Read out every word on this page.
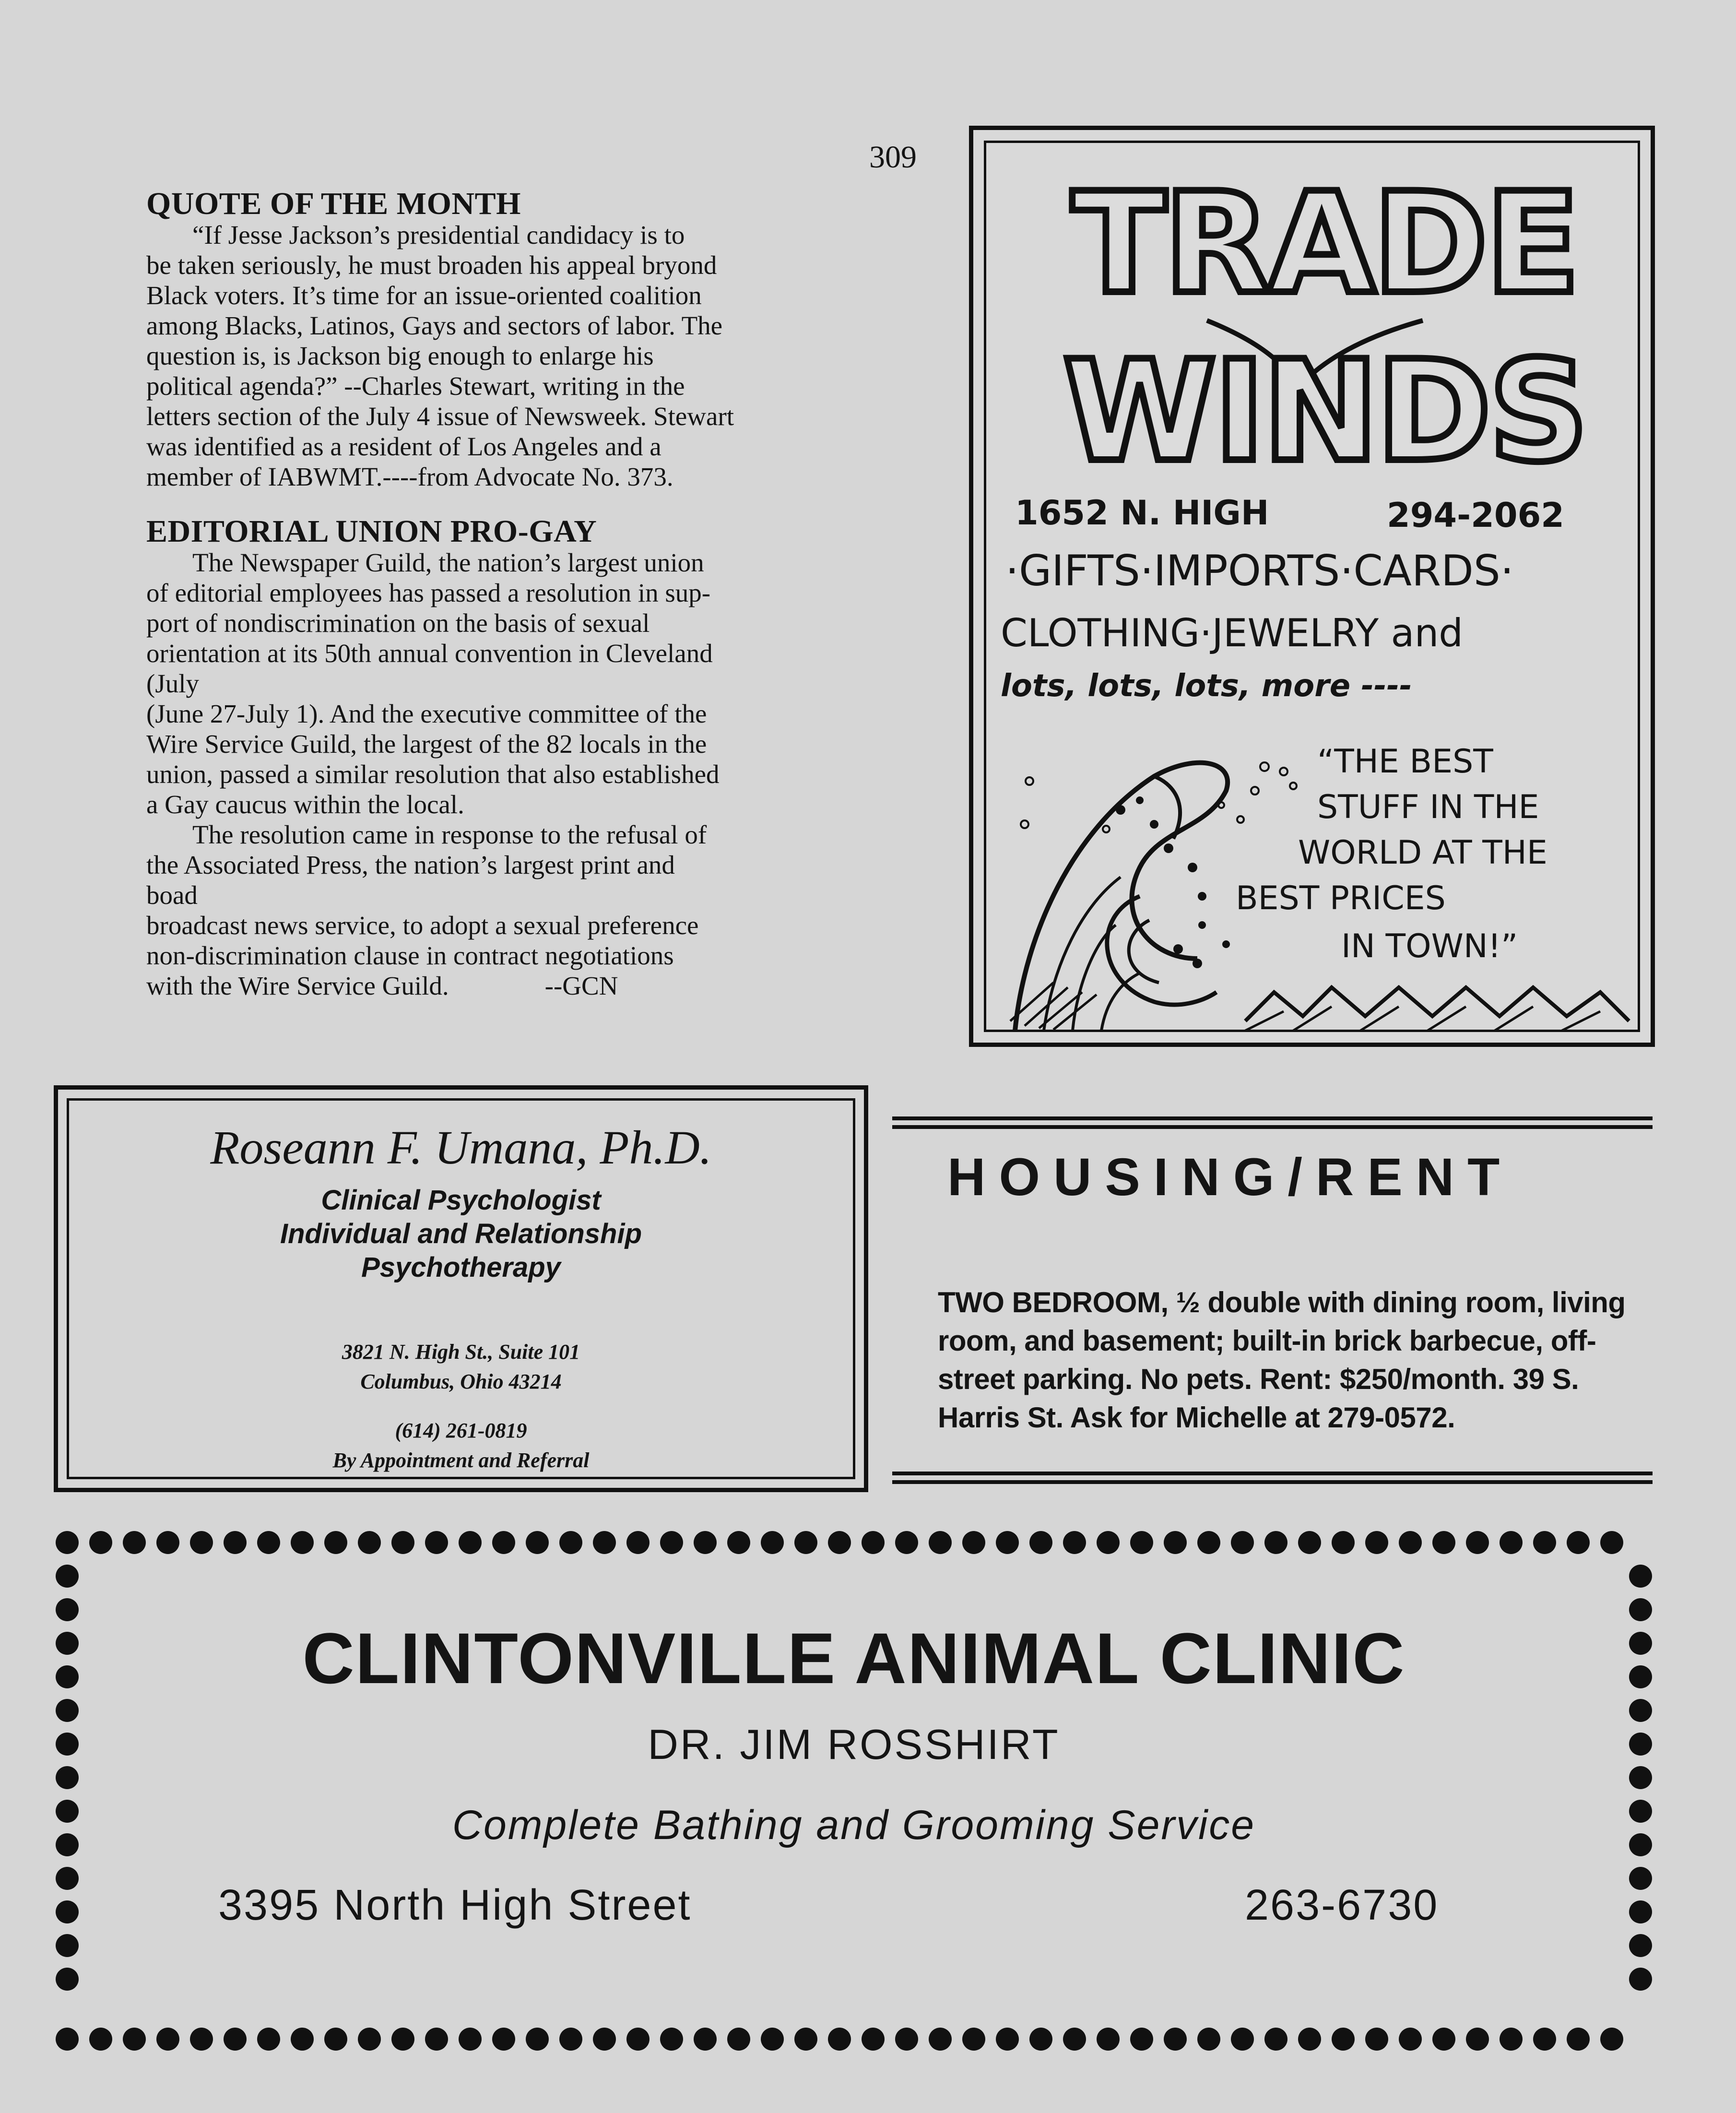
309
QUOTE OF THE MONTH

“If Jesse Jackson’s presidential candidacy is to
be taken seriously, he must broaden his appeal bryond
Black voters. It’s time for an issue-oriented coalition
among Blacks, Latinos, Gays and sectors of labor. The
question is, is Jackson big enough to enlarge his
political agenda?” --Charles Stewart, writing in the
letters section of the July 4 issue of Newsweek. Stewart
was identified as a resident of Los Angeles and a
member of IABWMT.----from Advocate No. 373.

EDITORIAL UNION PRO-GAY

The Newspaper Guild, the nation’s largest union
of editorial employees has passed a resolution in sup-
port of nondiscrimination on the basis of sexual
orientation at its 50th annual convention in Cleveland
(July
(June 27-July 1). And the executive committee of the
Wire Service Guild, the largest of the 82 locals in the
union, passed a similar resolution that also established
a Gay caucus within the local.
The resolution came in response to the refusal of
the Associated Press, the nation’s largest print and
boad
broadcast news service, to adopt a sexual preference
non-discrimination clause in contract negotiations
with the Wire Service Guild.	--GCN

TRADE
WINDS
1652 N. HIGH	294-2062
·GIFTS·IMPORTS·CARDS·
CLOTHING·JEWELRY and
lots, lots, lots, more ----
“THE BEST
STUFF IN THE
WORLD AT THE
BEST PRICES
IN TOWN!”
Roseann F. Umana, Ph.D.
Clinical Psychologist
Individual and Relationship
Psychotherapy
3821 N. High St., Suite 101
Columbus, Ohio 43214
(614) 261-0819
By Appointment and Referral
HOUSING/RENT
TWO BEDROOM, ½ double with dining room, living
room, and basement; built-in brick barbecue, off-
street parking. No pets. Rent: $250/month. 39 S.
Harris St. Ask for Michelle at 279-0572.
CLINTONVILLE ANIMAL CLINIC
DR. JIM ROSSHIRT
Complete Bathing and Grooming Service
3395 North High Street	263-6730
